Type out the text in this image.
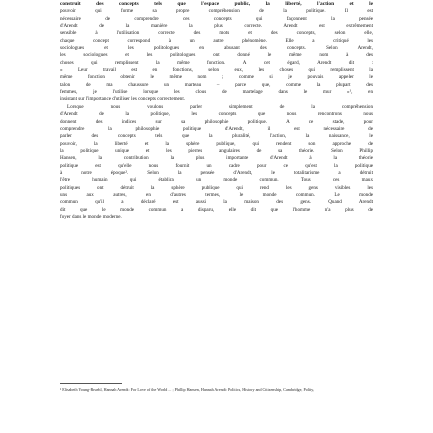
construit des concepts tels que l'espace public, la liberté, l'action et le
pouvoir qui forme sa propre compréhension de la politique. Il est
nécessaire de comprendre ces concepts qui façonnent la pensée
d'Arendt de la manière la plus correcte. Arendt est extrêmement
sensible à l'utilisation correcte des mots et des concepts, selon elle,
chaque concept correspond à un autre phénomène. Elle a critiqué les
sociologues et les politologues en abusant des concepts. Selon Arendt,
les sociologues et les politologues ont donné le même nom à des
choses qui remplissent la même fonction. À cet égard, Arendt dit :
« Leur travail est en fonctions, selon eux, les choses qui remplissent la
même fonction obtenir le même nom ; comme si je pouvais appeler le
talon de ma chaussure un marteau – parce que, comme la plupart des
femmes, je l'utilise lorsque les clous de martelage dans le mur »¹, en
insistant sur l'importance d'utiliser les concepts correctement.
Lorsque nous voulons parler simplement de la compréhension
d'Arendt de la politique, les concepts que nous rencontrons nous
donnent des indices sur sa philosophie politique. A ce stade, pour
comprendre la philosophie politique d'Arendt, il est nécessaire de
parler des concepts tels que la pluralité, l'action, la naissance, le
pouvoir, la liberté et la sphère publique, qui rendent son approche de
la politique unique et les pierres angulaires de sa théorie. Selon Phillip
Hansen, la contribution la plus importante d'Arendt à la théorie
politique est qu'elle nous fournit un cadre pour ce qu'est la politique
à notre époque². Selon la pensée d'Arendt, le totalitarisme a détruit
l'être humain qui établira un monde commun. Tous ces maux
politiques ont détruit la sphère publique qui rend les gens visibles les
uns aux autres, en d'autres termes, le monde commun. Le monde
commun qu'il a déclaré est aussi la maison des gens. Quand Arendt
dit que le monde commun a disparu, elle dit que l'homme n'a plus de
foyer dans le monde moderne.
¹ Elisabeth Young-Bruehl, Hannah Arendt: For Love of the World ... ; Phillip Hansen, Hannah Arendt: Politics, History and Citizenship, Cambridge, Polity,
